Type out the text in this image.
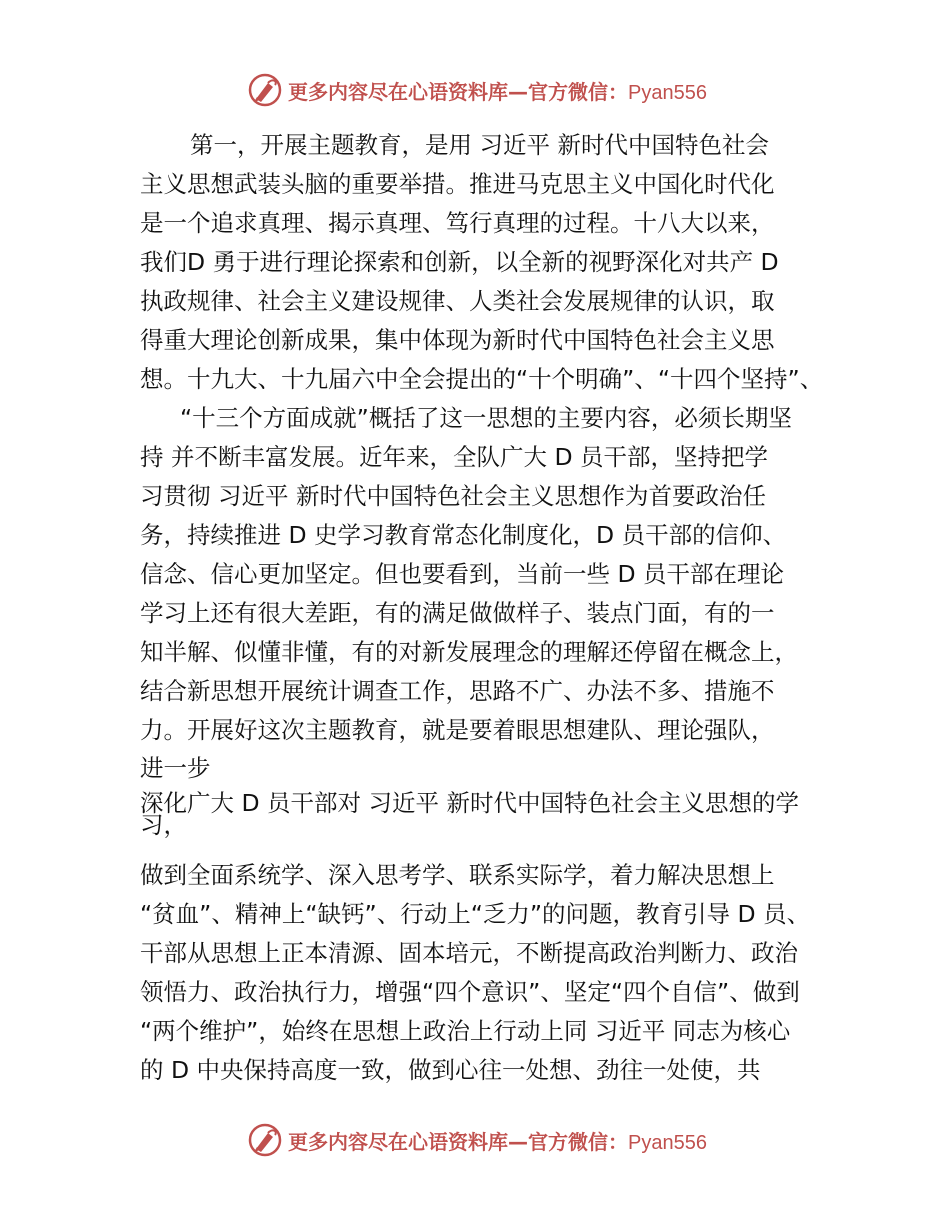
更多内容尽在心语资料库—官方微信：Pyan556
第一，开展主题教育，是用 习近平 新时代中国特色社会
主义思想武装头脑的重要举措。推进马克思主义中国化时代化
是一个追求真理、揭示真理、笃行真理的过程。十八大以来，
我们D 勇于进行理论探索和创新，以全新的视野深化对共产 D
执政规律、社会主义建设规律、人类社会发展规律的认识，取
得重大理论创新成果，集中体现为新时代中国特色社会主义思
想。十九大、十九届六中全会提出的“十个明确”、“十四个坚持”、
“十三个方面成就”概括了这一思想的主要内容，必须长期坚
持 并不断丰富发展。近年来，全队广大 D 员干部，坚持把学
习贯彻 习近平 新时代中国特色社会主义思想作为首要政治任
务，持续推进 D 史学习教育常态化制度化，D 员干部的信仰、
信念、信心更加坚定。但也要看到，当前一些 D 员干部在理论
学习上还有很大差距，有的满足做做样子、装点门面，有的一
知半解、似懂非懂，有的对新发展理念的理解还停留在概念上，
结合新思想开展统计调查工作，思路不广、办法不多、措施不
力。开展好这次主题教育，就是要着眼思想建队、理论强队，
进一步
深化广大 D 员干部对 习近平 新时代中国特色社会主义思想的学习，
做到全面系统学、深入思考学、联系实际学，着力解决思想上
“贫血”、精神上“缺钙”、行动上“乏力”的问题，教育引导 D 员、
干部从思想上正本清源、固本培元，不断提高政治判断力、政治
领悟力、政治执行力，增强“四个意识”、坚定“四个自信”、做到
“两个维护”，始终在思想上政治上行动上同 习近平 同志为核心
的 D 中央保持高度一致，做到心往一处想、劲往一处使，共
更多内容尽在心语资料库—官方微信：Pyan556
